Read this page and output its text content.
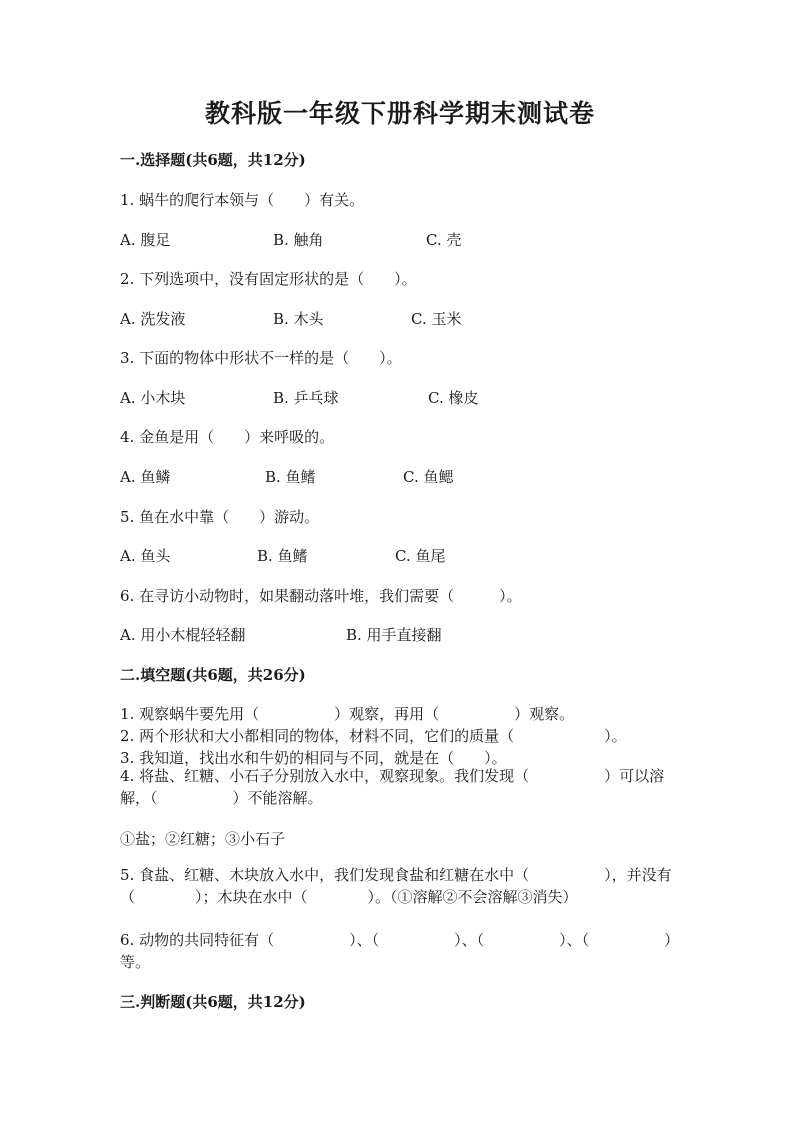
教科版一年级下册科学期末测试卷
一.选择题(共6题，共12分)
1. 蜗牛的爬行本领与（　　）有关。
A. 腹足	B. 触角	C. 壳
2. 下列选项中，没有固定形状的是（　　）。
A. 洗发液	B. 木头	C. 玉米
3. 下面的物体中形状不一样的是（　　）。
A. 小木块	B. 乒乓球	C. 橡皮
4. 金鱼是用（　　）来呼吸的。
A. 鱼鳞	B. 鱼鳍	C. 鱼鳃
5. 鱼在水中靠（　　）游动。
A. 鱼头	B. 鱼鳍	C. 鱼尾
6. 在寻访小动物时，如果翻动落叶堆，我们需要（　　　）。
A. 用小木棍轻轻翻	B. 用手直接翻
二.填空题(共6题，共26分)
1. 观察蜗牛要先用（　　　　　）观察，再用（　　　　　）观察。
2. 两个形状和大小都相同的物体，材料不同，它们的质量（　　　　　　）。
3. 我知道，找出水和牛奶的相同与不同，就是在（　　）。
4. 将盐、红糖、小石子分别放入水中，观察现象。我们发现（　　　　　）可以溶解，（　　　　　）不能溶解。
①盐；②红糖；③小石子
5. 食盐、红糖、木块放入水中，我们发现食盐和红糖在水中（　　　　　），并没有（　　　　）；木块在水中（　　　　）。（①溶解②不会溶解③消失）
6. 动物的共同特征有（　　　　　）、（　　　　　）、（　　　　　）、（　　　　　）等。
三.判断题(共6题，共12分)
